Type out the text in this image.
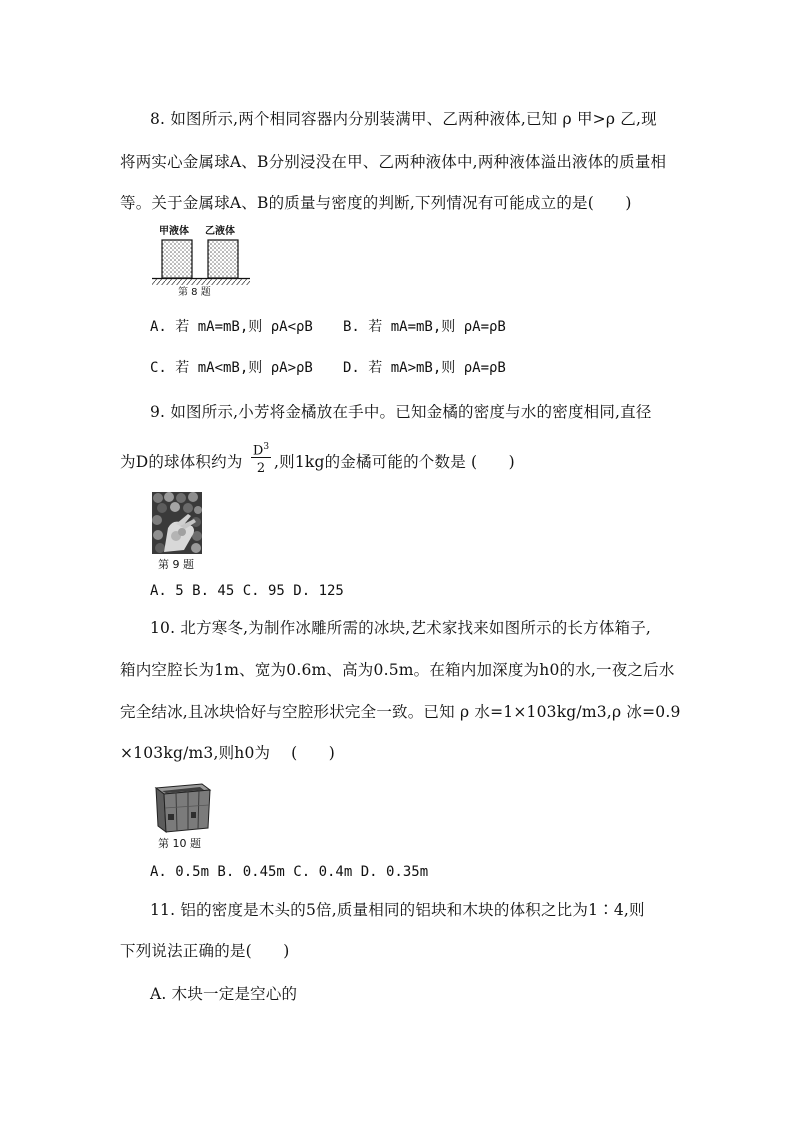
8. 如图所示,两个相同容器内分别装满甲、乙两种液体,已知 ρ 甲>ρ 乙,现
将两实心金属球A、B分别浸没在甲、乙两种液体中,两种液体溢出液体的质量相
等。关于金属球A、B的质量与密度的判断,下列情况有可能成立的是(　　)
甲液体 乙液体
第 8 题
A. 若 mA=mB,则 ρA<ρB B. 若 mA=mB,则 ρA=ρB
C. 若 mA<mB,则 ρA>ρB D. 若 mA>mB,则 ρA=ρB
9. 如图所示,小芳将金橘放在手中。已知金橘的密度与水的密度相同,直径
为D的球体积约为
$D^3$
2 ,则1kg的金橘可能的个数是 (　　)
第 9 题
A. 5 B. 45 C. 95 D. 125
10. 北方寒冬,为制作冰雕所需的冰块,艺术家找来如图所示的长方体箱子,
箱内空腔长为1m、宽为0.6m、高为0.5m。在箱内加深度为h0的水,一夜之后水
完全结冰,且冰块恰好与空腔形状完全一致。已知 ρ 水=1×103kg/m3,ρ 冰=0.9
×103kg/m3,则h0为　 (　　)
第 10 题
A. 0.5m B. 0.45m C. 0.4m D. 0.35m
11. 铝的密度是木头的5倍,质量相同的铝块和木块的体积之比为1∶4,则
下列说法正确的是(　　)
A. 木块一定是空心的
